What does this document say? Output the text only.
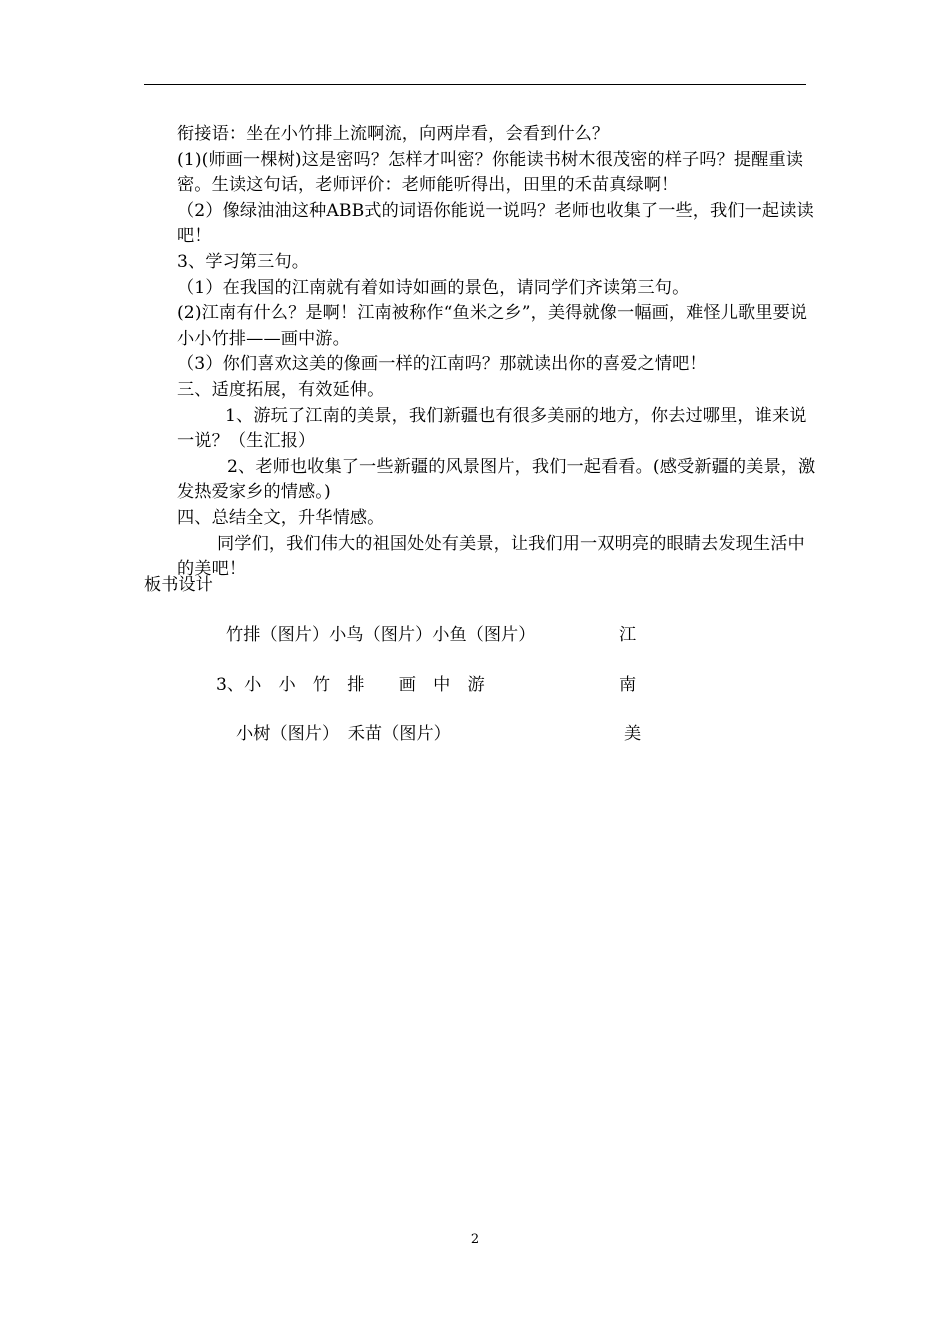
衔接语：坐在小竹排上流啊流，向两岸看，会看到什么？

(1)(师画一棵树)这是密吗？怎样才叫密？你能读书树木很茂密的样子吗？提醒重读密。生读这句话，老师评价：老师能听得出，田里的禾苗真绿啊！

（2）像绿油油这种ABB式的词语你能说一说吗？老师也收集了一些，我们一起读读吧！

3、学习第三句。

（1）在我国的江南就有着如诗如画的景色，请同学们齐读第三句。

(2)江南有什么？是啊！江南被称作“鱼米之乡”，美得就像一幅画，难怪儿歌里要说小小竹排——画中游。

（3）你们喜欢这美的像画一样的江南吗？那就读出你的喜爱之情吧！

三、适度拓展，有效延伸。

1、游玩了江南的美景，我们新疆也有很多美丽的地方，你去过哪里，谁来说一说？（生汇报）

2、老师也收集了一些新疆的风景图片，我们一起看看。(感受新疆的美景，激发热爱家乡的情感。)

四、总结全文，升华情感。

同学们，我们伟大的祖国处处有美景，让我们用一双明亮的眼睛去发现生活中的美吧！

板书设计
竹排（图片）小鸟（图片）小鱼（图片）
3、小　小　竹　排　　画　中　游
小树（图片）　禾苗（图片）
江
南
美
2
